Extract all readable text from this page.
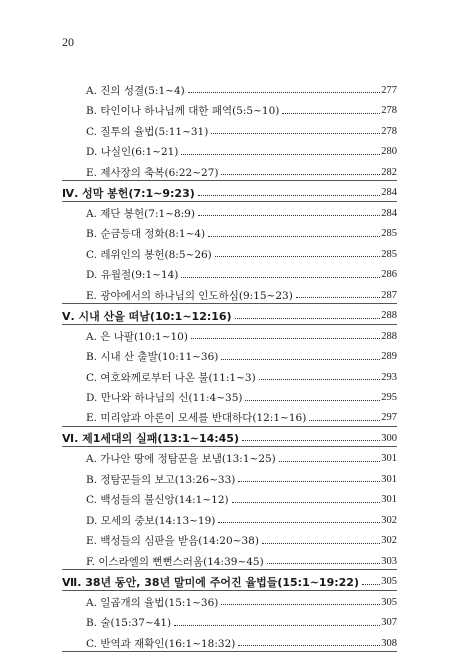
20
A. 진의 성결(5:1~4)	277
B. 타인이나 하나님께 대한 패역(5:5~10)	278
C. 질투의 율법(5:11~31)	278
D. 나실인(6:1~21)	280
E. 제사장의 축복(6:22~27)	282
Ⅳ. 성막 봉헌(7:1~9:23)	284
A. 제단 봉헌(7:1~8:9)	284
B. 순금등대 정화(8:1~4)	285
C. 레위인의 봉헌(8:5~26)	285
D. 유월절(9:1~14)	286
E. 광야에서의 하나님의 인도하심(9:15~23)	287
Ⅴ. 시내 산을 떠남(10:1~12:16)	288
A. 은 나팔(10:1~10)	288
B. 시내 산 출발(10:11~36)	289
C. 여호와께로부터 나온 불(11:1~3)	293
D. 만나와 하나님의 신(11:4~35)	295
E. 미리암과 아론이 모세를 반대하다(12:1~16)	297
Ⅵ. 제1세대의 실패(13:1~14:45)	300
A. 가나안 땅에 정탐꾼을 보냄(13:1~25)	301
B. 정탐꾼들의 보고(13:26~33)	301
C. 백성들의 불신앙(14:1~12)	301
D. 모세의 중보(14:13~19)	302
E. 백성들의 심판을 받음(14:20~38)	302
F. 이스라엘의 뻔뻔스러움(14:39~45)	303
Ⅶ. 38년 동안, 38년 말미에 주어진 율법들(15:1~19:22) 305
A. 일곱개의 율법(15:1~36)	305
B. 술(15:37~41)	307
C. 반역과 재확인(16:1~18:32)	308
